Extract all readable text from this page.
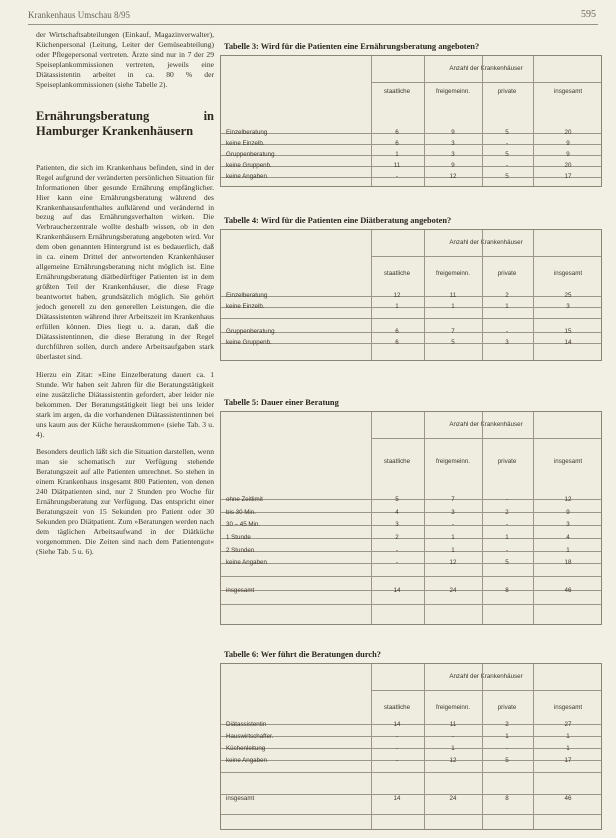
Krankenhaus Umschau 8/95	595

der Wirtschaftsabteilungen (Einkauf, Magazinverwalter), Küchenpersonal (Leitung, Leiter der Gemüseabteilung) oder Pflegepersonal vertreten. Ärzte sind nur in 7 der 29 Speiseplankommissionen vertreten, jeweils eine Diätassistentin arbeitet in ca. 80 % der Speiseplankommissionen (siehe Tabelle 2).

Ernährungsberatung in Hamburger Krankenhäusern

Patienten, die sich im Krankenhaus befinden, sind in der Regel aufgrund der veränderten persönlichen Situation für Informationen über gesunde Ernährung empfänglicher. Hier kann eine Ernährungsberatung während des Krankenhausaufenthaltes aufklärend und verändernd in bezug auf das Ernährungsverhalten wirken. Die Verbraucherzentrale wollte deshalb wissen, ob in den Krankenhäusern Ernährungsberatung angeboten wird. Vor dem oben genannten Hintergrund ist es bedauerlich, daß in ca. einem Drittel der antwortenden Krankenhäuser allgemeine Ernährungsberatung nicht möglich ist. Eine Ernährungsberatung diätbedürftiger Patienten ist in dem größten Teil der Krankenhäuser, die diese Frage beantwortet haben, grundsätzlich möglich. Sie gehört jedoch generell zu den generellen Leistungen, die die Diätassistenten während ihrer Arbeitszeit im Krankenhaus erfüllen können. Dies liegt u. a. daran, daß die Diätassistentinnen, die diese Beratung in der Regel durchführen sollen, durch andere Arbeitsaufgaben stark überlastet sind.

Hierzu ein Zitat: »Eine Einzelberatung dauert ca. 1 Stunde. Wir haben seit Jahren für die Beratungstätigkeit eine zusätzliche Diätassistentin gefordert, aber leider nie bekommen. Der Beratungstätigkeit liegt bei uns leider stark im argen, da die vorhandenen Diätassistentinnen bei uns kaum aus der Küche herauskommen« (siehe Tab. 3 u. 4).

Besonders deutlich läßt sich die Situation darstellen, wenn man sie schematisch zur Verfügung stehende Beratungszeit auf alle Patienten umrechnet. So stehen in einem Krankenhaus insgesamt 800 Patienten, von denen 240 Diätpatienten sind, nur 2 Stunden pro Woche für Ernährungsberatung zur Verfügung. Das entspricht einer Beratungszeit von 15 Sekunden pro Patient oder 30 Sekunden pro Diätpatient. Zum »Beratungen werden nach dem täglichen Arbeitsaufwand in der Diätküche vorgenommen. Die Zeiten sind nach dem Patientengut« (Siehe Tab. 5 u. 6).

Tabelle 3: Wird für die Patienten eine Ernährungsberatung angeboten?
Anzahl der Krankenhäuser
staatliche	freigemeinn.	private	insgesamt
Einzelberatung	6	9	5	20
keine Einzelb.	6	3	-	9
Gruppenberatung	1	3	5	9
keine Gruppenb.	11	9	-	20
keine Angaben	-	12	5	17
Tabelle 4: Wird für die Patienten eine Diätberatung angeboten?
Anzahl der Krankenhäuser
staatliche	freigemeinn.	private	insgesamt
Einzelberatung	12	11	2	25
keine Einzelb.	1	1	1	3
Gruppenberatung	6	7	-	15
keine Gruppenb.	6	5	3	14
Tabelle 5: Dauer einer Beratung
Anzahl der Krankenhäuser
staatliche	freigemeinn.	private	insgesamt
ohne Zeitlimit	5	7	-	12
bis 30 Min.	4	3	2	9
30 – 45 Min.	3	-	-	3
1 Stunde	2	1	1	4
2 Stunden	-	1	-	1
keine Angaben	-	12	5	18
insgesamt	14	24	8	46
Tabelle 6: Wer führt die Beratungen durch?
Anzahl der Krankenhäuser
staatliche	freigemeinn.	private	insgesamt
Diätassistentin	14	11	2	27
Hauswirtschafter.	-	-	1	1
Küchenleitung	-	1	-	1
keine Angaben	-	12	5	17
insgesamt	14	24	8	46
